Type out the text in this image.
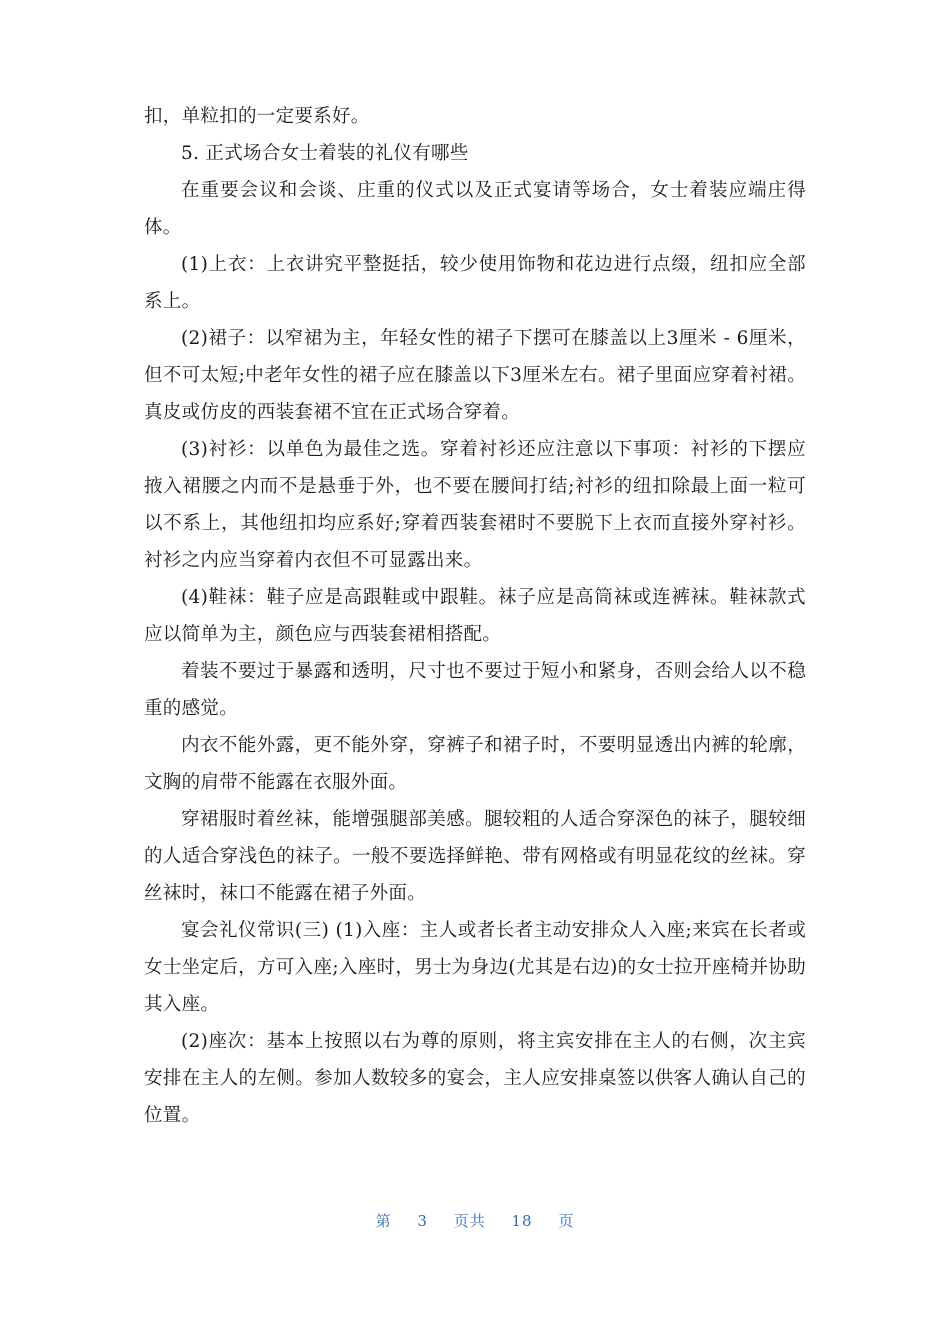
扣，单粒扣的一定要系好。

5. 正式场合女士着装的礼仪有哪些

在重要会议和会谈、庄重的仪式以及正式宴请等场合，女士着装应端庄得体。

(1)上衣：上衣讲究平整挺括，较少使用饰物和花边进行点缀，纽扣应全部系上。

(2)裙子：以窄裙为主，年轻女性的裙子下摆可在膝盖以上3厘米 - 6厘米，但不可太短;中老年女性的裙子应在膝盖以下3厘米左右。裙子里面应穿着衬裙。真皮或仿皮的西装套裙不宜在正式场合穿着。

(3)衬衫：以单色为最佳之选。穿着衬衫还应注意以下事项：衬衫的下摆应掖入裙腰之内而不是悬垂于外，也不要在腰间打结;衬衫的纽扣除最上面一粒可以不系上，其他纽扣均应系好;穿着西装套裙时不要脱下上衣而直接外穿衬衫。衬衫之内应当穿着内衣但不可显露出来。

(4)鞋袜：鞋子应是高跟鞋或中跟鞋。袜子应是高筒袜或连裤袜。鞋袜款式应以简单为主，颜色应与西装套裙相搭配。

着装不要过于暴露和透明，尺寸也不要过于短小和紧身，否则会给人以不稳重的感觉。

内衣不能外露，更不能外穿，穿裤子和裙子时，不要明显透出内裤的轮廓，文胸的肩带不能露在衣服外面。

穿裙服时着丝袜，能增强腿部美感。腿较粗的人适合穿深色的袜子，腿较细的人适合穿浅色的袜子。一般不要选择鲜艳、带有网格或有明显花纹的丝袜。穿丝袜时，袜口不能露在裙子外面。

宴会礼仪常识(三) (1)入座：主人或者长者主动安排众人入座;来宾在长者或女士坐定后，方可入座;入座时，男士为身边(尤其是右边)的女士拉开座椅并协助其入座。

(2)座次：基本上按照以右为尊的原则，将主宾安排在主人的右侧，次主宾安排在主人的左侧。参加人数较多的宴会，主人应安排桌签以供客人确认自己的位置。

第 3 页共 18 页
